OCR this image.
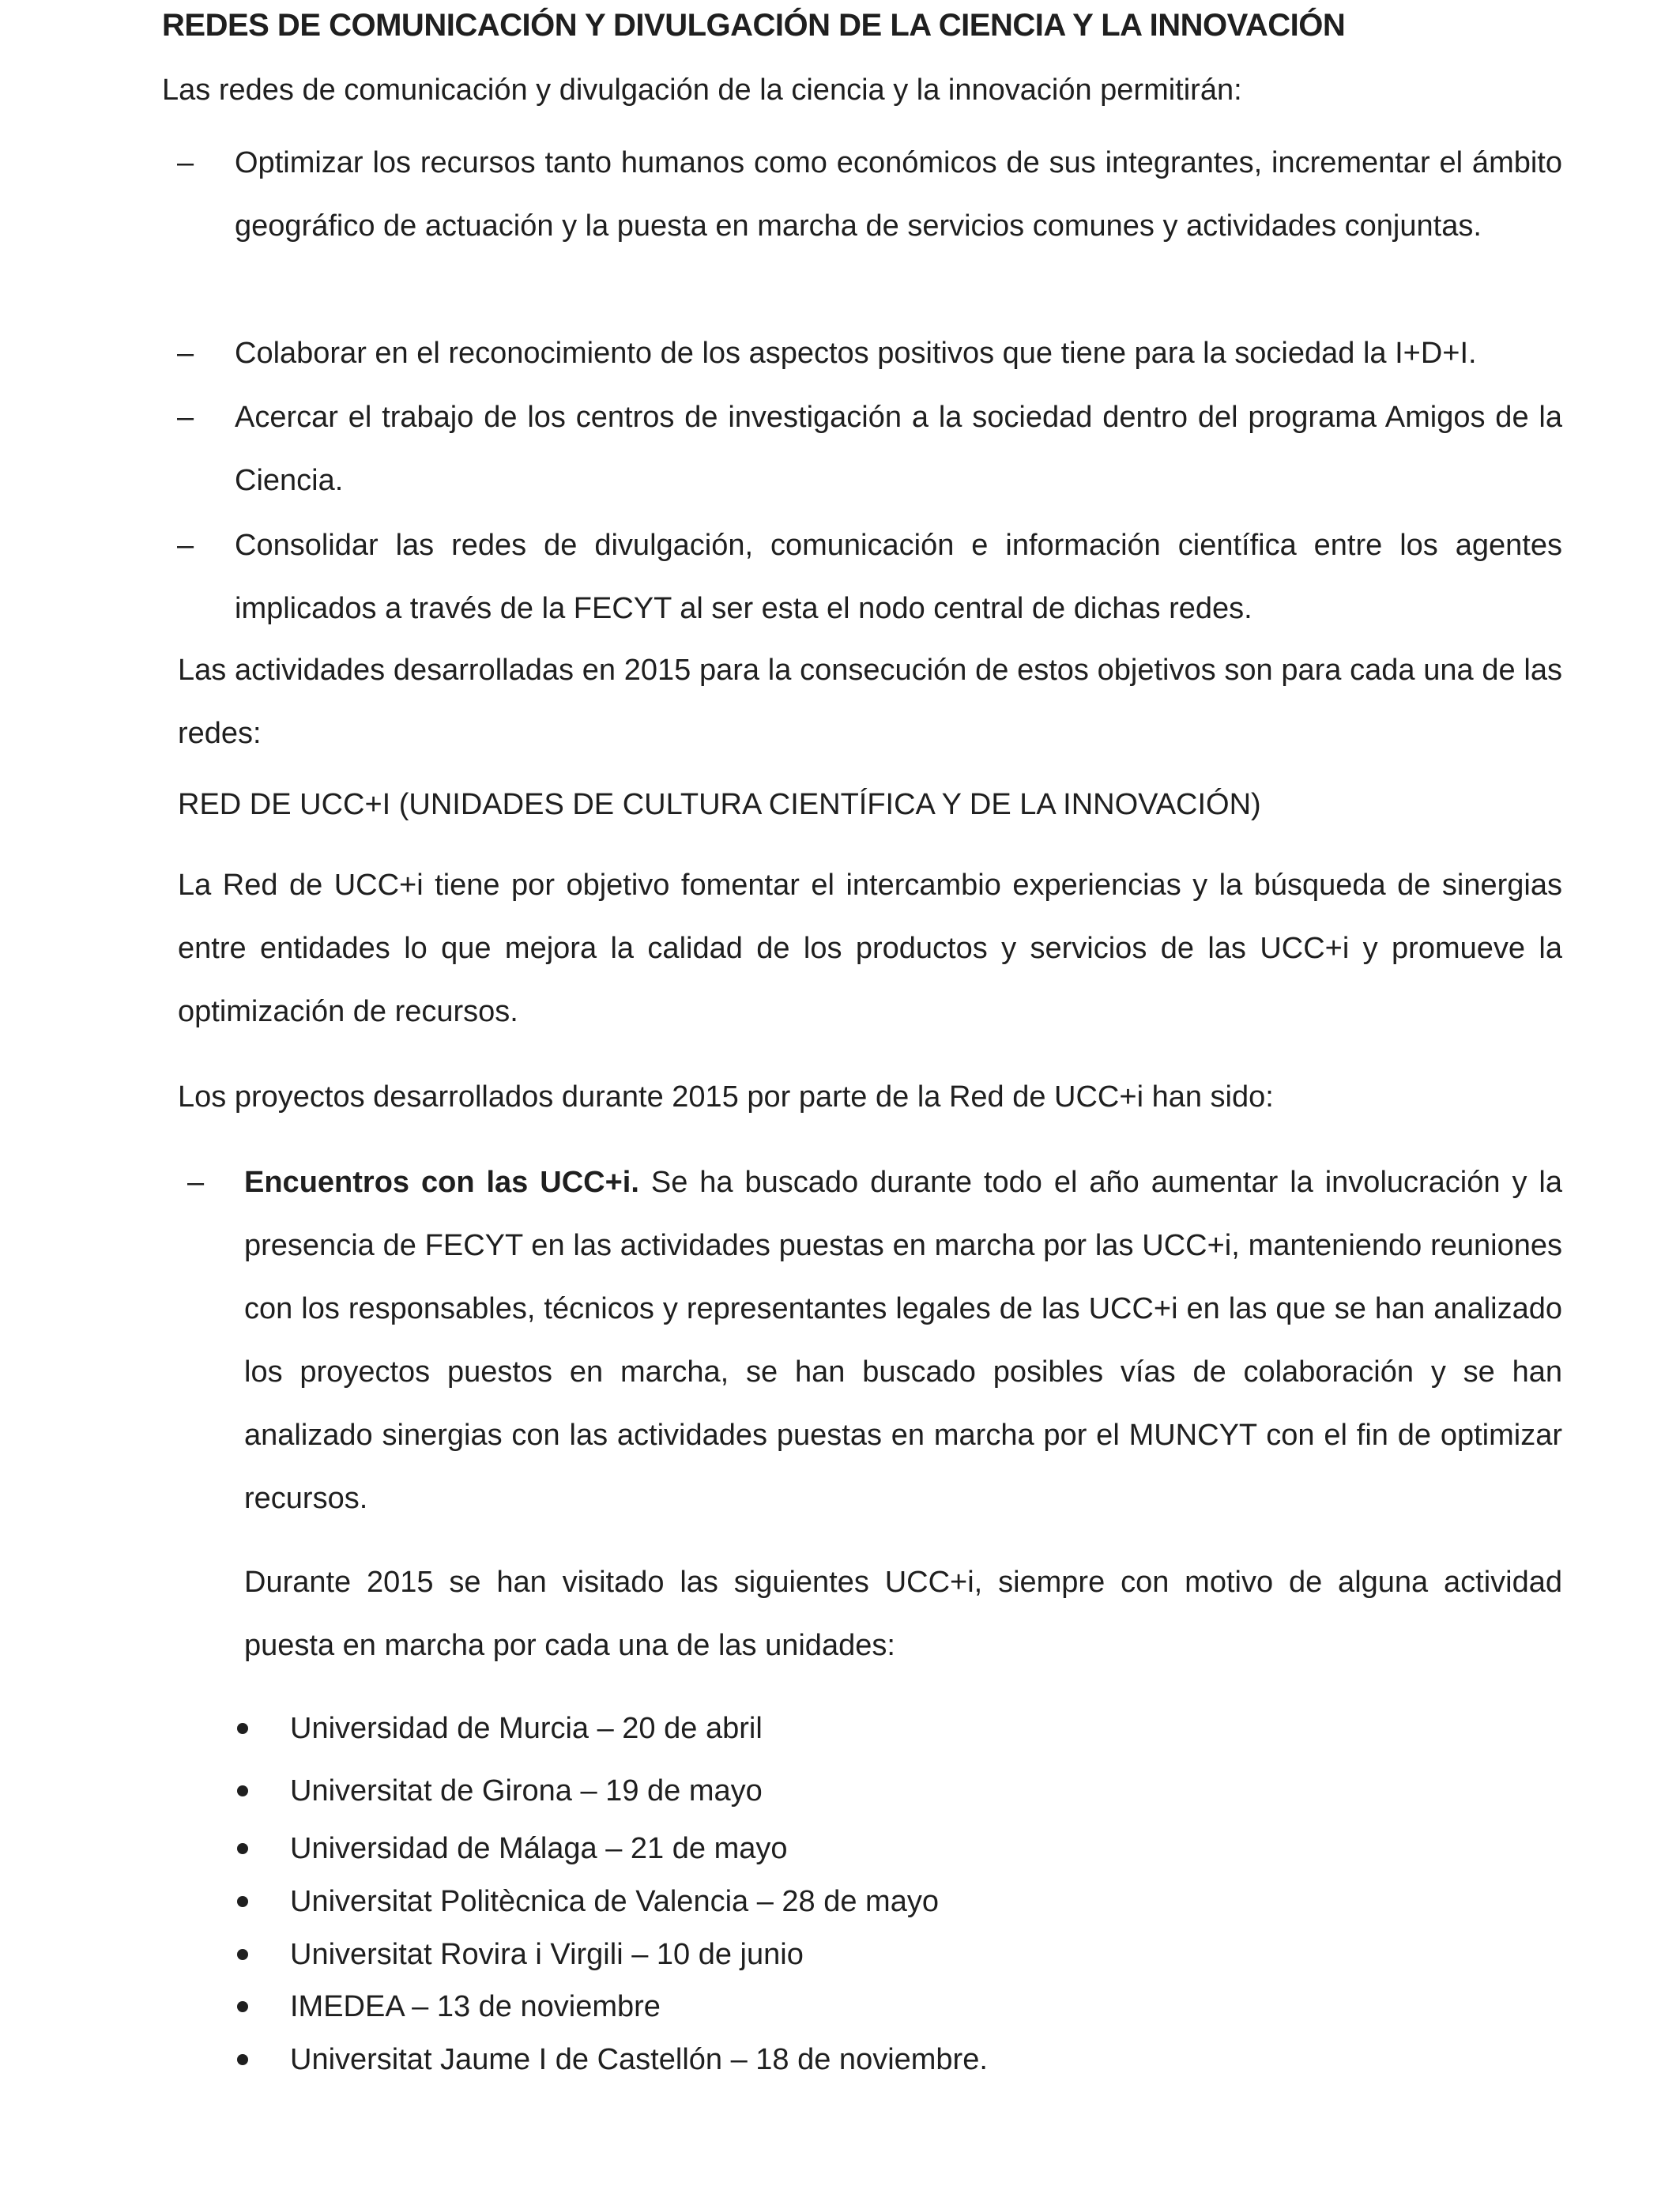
REDES DE COMUNICACIÓN Y DIVULGACIÓN DE LA CIENCIA Y LA INNOVACIÓN
Las redes de comunicación y divulgación de la ciencia y la innovación permitirán:
– Optimizar los recursos tanto humanos como económicos de sus integrantes, incrementar el ámbito geográfico de actuación y la puesta en marcha de servicios comunes y actividades conjuntas.
– Colaborar en el reconocimiento de los aspectos positivos que tiene para la sociedad la I+D+I.
– Acercar el trabajo de los centros de investigación a la sociedad dentro del programa Amigos de la Ciencia.
– Consolidar las redes de divulgación, comunicación e información científica entre los agentes implicados a través de la FECYT al ser esta el nodo central de dichas redes.
Las actividades desarrolladas en 2015 para la consecución de estos objetivos son para cada una de las redes:
RED DE UCC+I (UNIDADES DE CULTURA CIENTÍFICA Y DE LA INNOVACIÓN)
La Red de UCC+i tiene por objetivo fomentar el intercambio experiencias y la búsqueda de sinergias entre entidades lo que mejora la calidad de los productos y servicios de las UCC+i y promueve la optimización de recursos.
Los proyectos desarrollados durante 2015 por parte de la Red de UCC+i han sido:
– Encuentros con las UCC+i. Se ha buscado durante todo el año aumentar la involucración y la presencia de FECYT en las actividades puestas en marcha por las UCC+i, manteniendo reuniones con los responsables, técnicos y representantes legales de las UCC+i en las que se han analizado los proyectos puestos en marcha, se han buscado posibles vías de colaboración y se han analizado sinergias con las actividades puestas en marcha por el MUNCYT con el fin de optimizar recursos.
Durante 2015 se han visitado las siguientes UCC+i, siempre con motivo de alguna actividad puesta en marcha por cada una de las unidades:
Universidad de Murcia – 20 de abril
Universitat de Girona – 19 de mayo
Universidad de Málaga – 21 de mayo
Universitat Politècnica de Valencia – 28 de mayo
Universitat Rovira i Virgili – 10 de junio
IMEDEA – 13 de noviembre
Universitat Jaume I de Castellón – 18 de noviembre.
